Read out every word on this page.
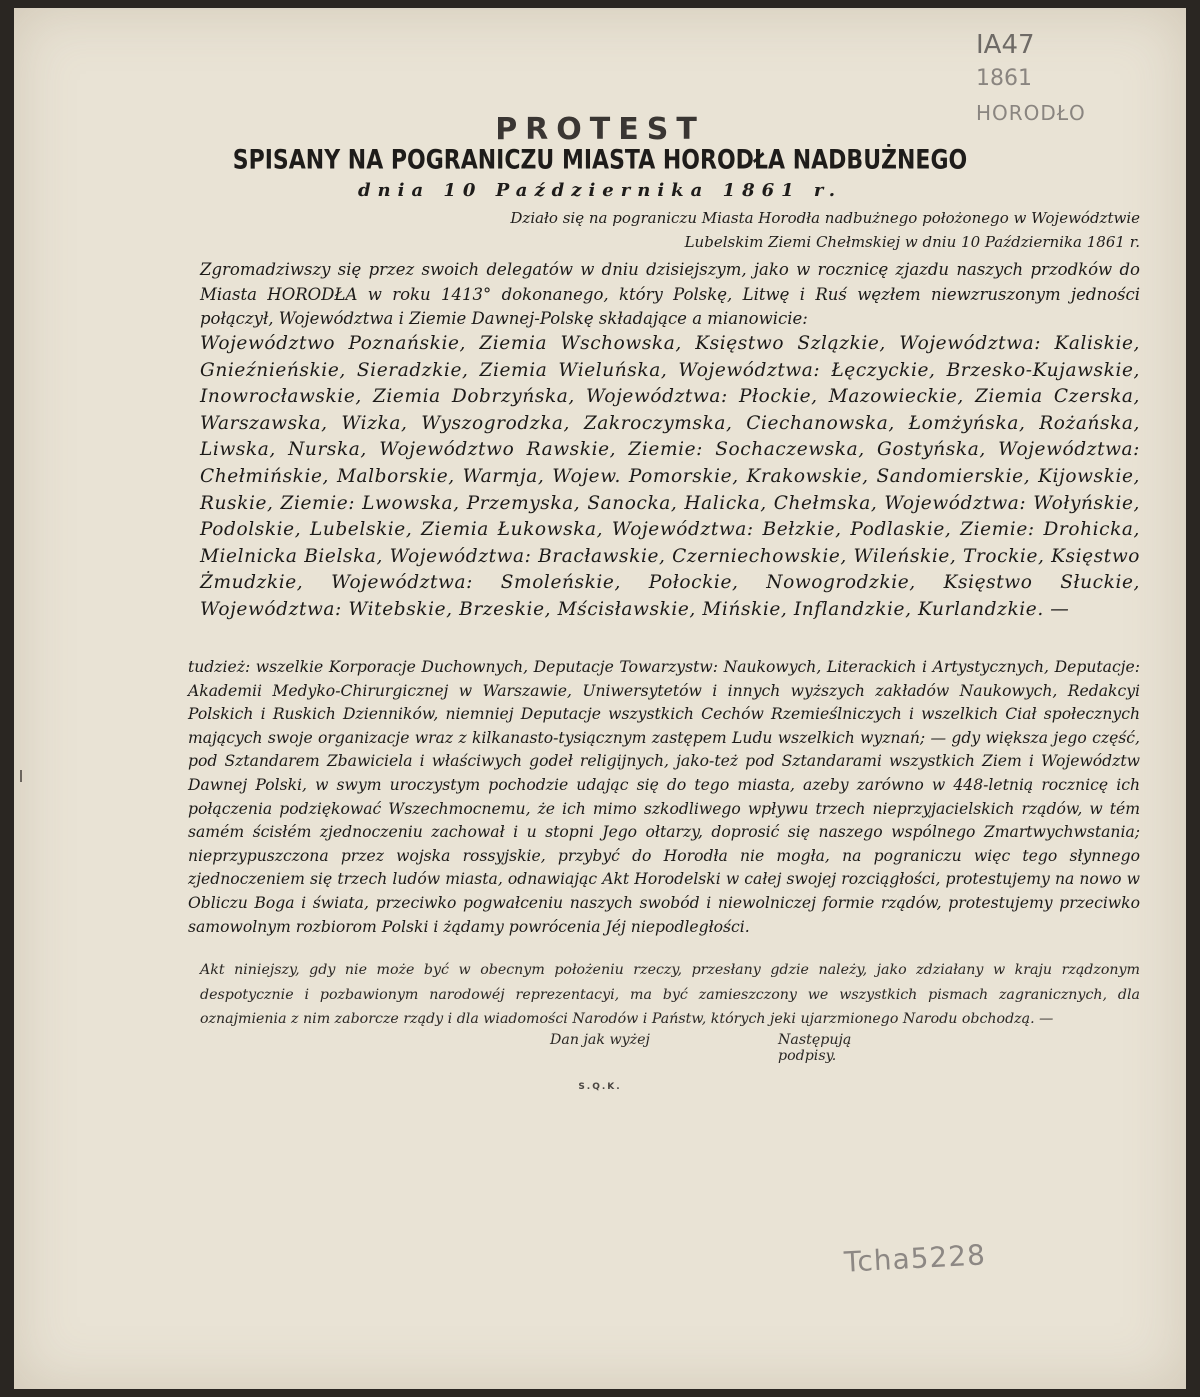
IA47
1861
HORODŁO
PROTEST
SPISANY NA POGRANICZU MIASTA HORODŁA NADBUŻNEGO
dnia 10 Października 1861 r.
Działo się na pograniczu Miasta Horodła nadbużnego położonego w Województwie Lubelskim Ziemi Chełmskiej w dniu 10 Października 1861 r.
Zgromadziwszy się przez swoich delegatów w dniu dzisiejszym, jako w rocznicę zjazdu naszych przodków do Miasta HORODŁA w roku 1413° dokonanego, który Polskę, Litwę i Ruś węzłem niewzruszonym jedności połączył, Województwa i Ziemie Dawnej-Polskę składające a mianowicie:
Województwo Poznańskie, Ziemia Wschowska, Księstwo Szlązkie, Województwa: Kaliskie, Gnieźnieńskie, Sieradzkie, Ziemia Wieluńska, Województwa: Łęczyckie, Brzesko-Kujawskie, Inowrocławskie, Ziemia Dobrzyńska, Województwa: Płockie, Mazowieckie, Ziemia Czerska, Warszawska, Wizka, Wyszogrodzka, Zakroczymska, Ciechanowska, Łomżyńska, Rożańska, Liwska, Nurska, Województwo Rawskie, Ziemie: Sochaczewska, Gostyńska, Województwa: Chełmińskie, Malborskie, Warmja, Wojew. Pomorskie, Krakowskie, Sandomierskie, Kijowskie, Ruskie, Ziemie: Lwowska, Przemyska, Sanocka, Halicka, Chełmska, Województwa: Wołyńskie, Podolskie, Lubelskie, Ziemia Łukowska, Województwa: Bełzkie, Podlaskie, Ziemie: Drohicka, Mielnicka Bielska, Województwa: Bracławskie, Czerniechowskie, Wileńskie, Trockie, Księstwo Żmudzkie, Województwa: Smoleńskie, Połockie, Nowogrodzkie, Księstwo Słuckie, Województwa: Witebskie, Brzeskie, Mścisławskie, Mińskie, Inflandzkie, Kurlandzkie. —
tudzież: wszelkie Korporacje Duchownych, Deputacje Towarzystw: Naukowych, Literackich i Artystycznych, Deputacje: Akademii Medyko-Chirurgicznej w Warszawie, Uniwersytetów i innych wyższych zakładów Naukowych, Redakcyi Polskich i Ruskich Dzienników, niemniej Deputacje wszystkich Cechów Rzemieślniczych i wszelkich Ciał społecznych mających swoje organizacje wraz z kilkanasto-tysiącznym zastępem Ludu wszelkich wyznań; — gdy większa jego część, pod Sztandarem Zbawiciela i właściwych godeł religijnych, jako-też pod Sztandarami wszystkich Ziem i Województw Dawnej Polski, w swym uroczystym pochodzie udając się do tego miasta, azeby zarówno w 448-letnią rocznicę ich połączenia podziękować Wszechmocnemu, że ich mimo szkodliwego wpływu trzech nieprzyjacielskich rządów, w tém samém ścisłém zjednoczeniu zachował i u stopni Jego ołtarzy, doprosić się naszego wspólnego Zmartwychwstania; nieprzypuszczona przez wojska rossyjskie, przybyć do Horodła nie mogła, na pograniczu więc tego słynnego zjednoczeniem się trzech ludów miasta, odnawiając Akt Horodelski w całej swojej rozciągłości, protestujemy na nowo w Obliczu Boga i świata, przeciwko pogwałceniu naszych swobód i niewolniczej formie rządów, protestujemy przeciwko samowolnym rozbiorom Polski i żądamy powrócenia Jéj niepodległości.
Akt niniejszy, gdy nie może być w obecnym położeniu rzeczy, przesłany gdzie należy, jako zdziałany w kraju rządzonym despotycznie i pozbawionym narodowéj reprezentacyi, ma być zamieszczony we wszystkich pismach zagranicznych, dla oznajmienia z nim zaborcze rządy i dla wiadomości Narodów i Państw, których jeki ujarzmionego Narodu obchodzą. —
Dan jak wyżej	Następują podpisy.
S.Q.K.
Tcha5228
